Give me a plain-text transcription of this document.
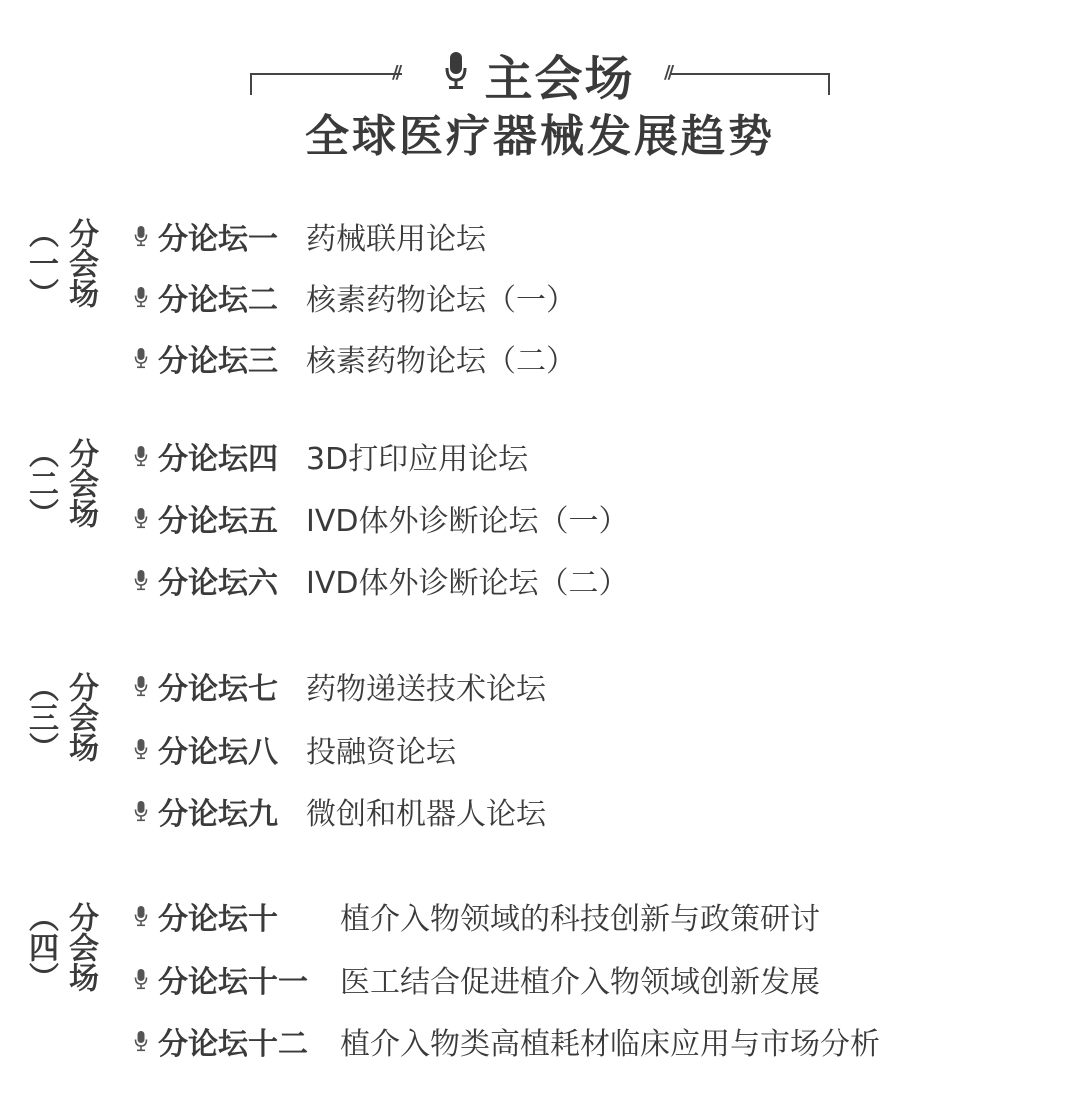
//	//
主会场
全球医疗器械发展趋势
分会场（一）	分论坛一 药械联用论坛
分论坛二 核素药物论坛（一）
分论坛三 核素药物论坛（二）
分会场（二）	分论坛四 3D打印应用论坛
分论坛五 IVD体外诊断论坛（一）
分论坛六 IVD体外诊断论坛（二）
分会场（三）	分论坛七 药物递送技术论坛
分论坛八 投融资论坛
分论坛九 微创和机器人论坛
分会场（四）	分论坛十 植介入物领域的科技创新与政策研讨
分论坛十一 医工结合促进植介入物领域创新发展
分论坛十二 植介入物类高植耗材临床应用与市场分析
